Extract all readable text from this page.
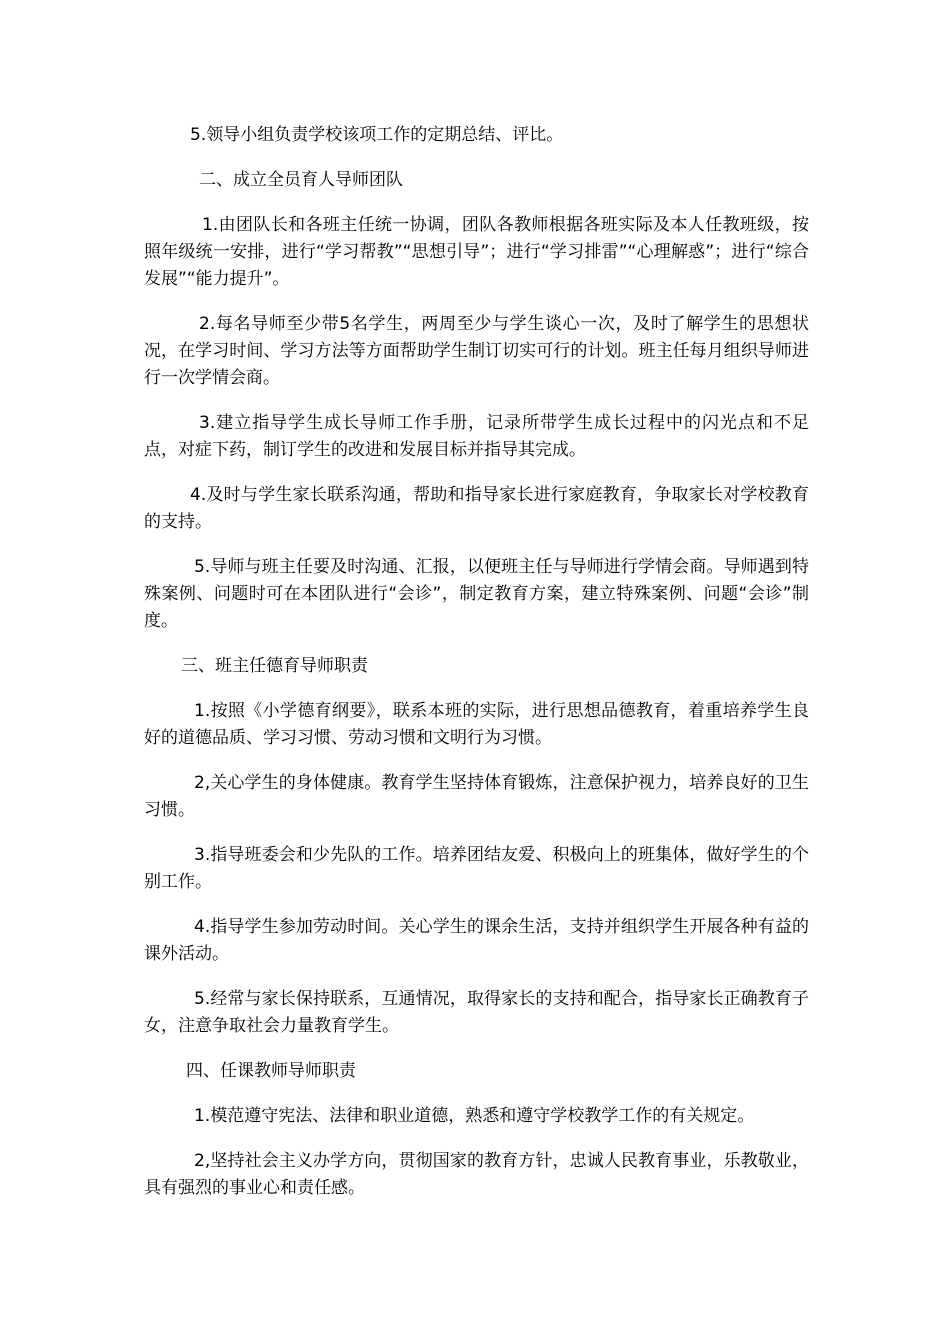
5.领导小组负责学校该项工作的定期总结、评比。

二、成立全员育人导师团队

1.由团队长和各班主任统一协调，团队各教师根据各班实际及本人任教班级，按照年级统一安排，进行“学习帮教”“思想引导”；进行“学习排雷”“心理解惑”；进行“综合发展”“能力提升”。

2.每名导师至少带5名学生，两周至少与学生谈心一次，及时了解学生的思想状况，在学习时间、学习方法等方面帮助学生制订切实可行的计划。班主任每月组织导师进行一次学情会商。

3.建立指导学生成长导师工作手册，记录所带学生成长过程中的闪光点和不足点，对症下药，制订学生的改进和发展目标并指导其完成。

4.及时与学生家长联系沟通，帮助和指导家长进行家庭教育，争取家长对学校教育的支持。

5.导师与班主任要及时沟通、汇报，以便班主任与导师进行学情会商。导师遇到特殊案例、问题时可在本团队进行“会诊”，制定教育方案，建立特殊案例、问题“会诊”制度。

三、班主任德育导师职责

1.按照《小学德育纲要》，联系本班的实际，进行思想品德教育，着重培养学生良好的道德品质、学习习惯、劳动习惯和文明行为习惯。

2,关心学生的身体健康。教育学生坚持体育锻炼，注意保护视力，培养良好的卫生习惯。

3.指导班委会和少先队的工作。培养团结友爱、积极向上的班集体，做好学生的个别工作。

4.指导学生参加劳动时间。关心学生的课余生活，支持并组织学生开展各种有益的课外活动。

5.经常与家长保持联系，互通情况，取得家长的支持和配合，指导家长正确教育子女，注意争取社会力量教育学生。

四、任课教师导师职责

1.模范遵守宪法、法律和职业道德，熟悉和遵守学校教学工作的有关规定。

2,坚持社会主义办学方向，贯彻国家的教育方针，忠诚人民教育事业，乐教敬业，具有强烈的事业心和责任感。
